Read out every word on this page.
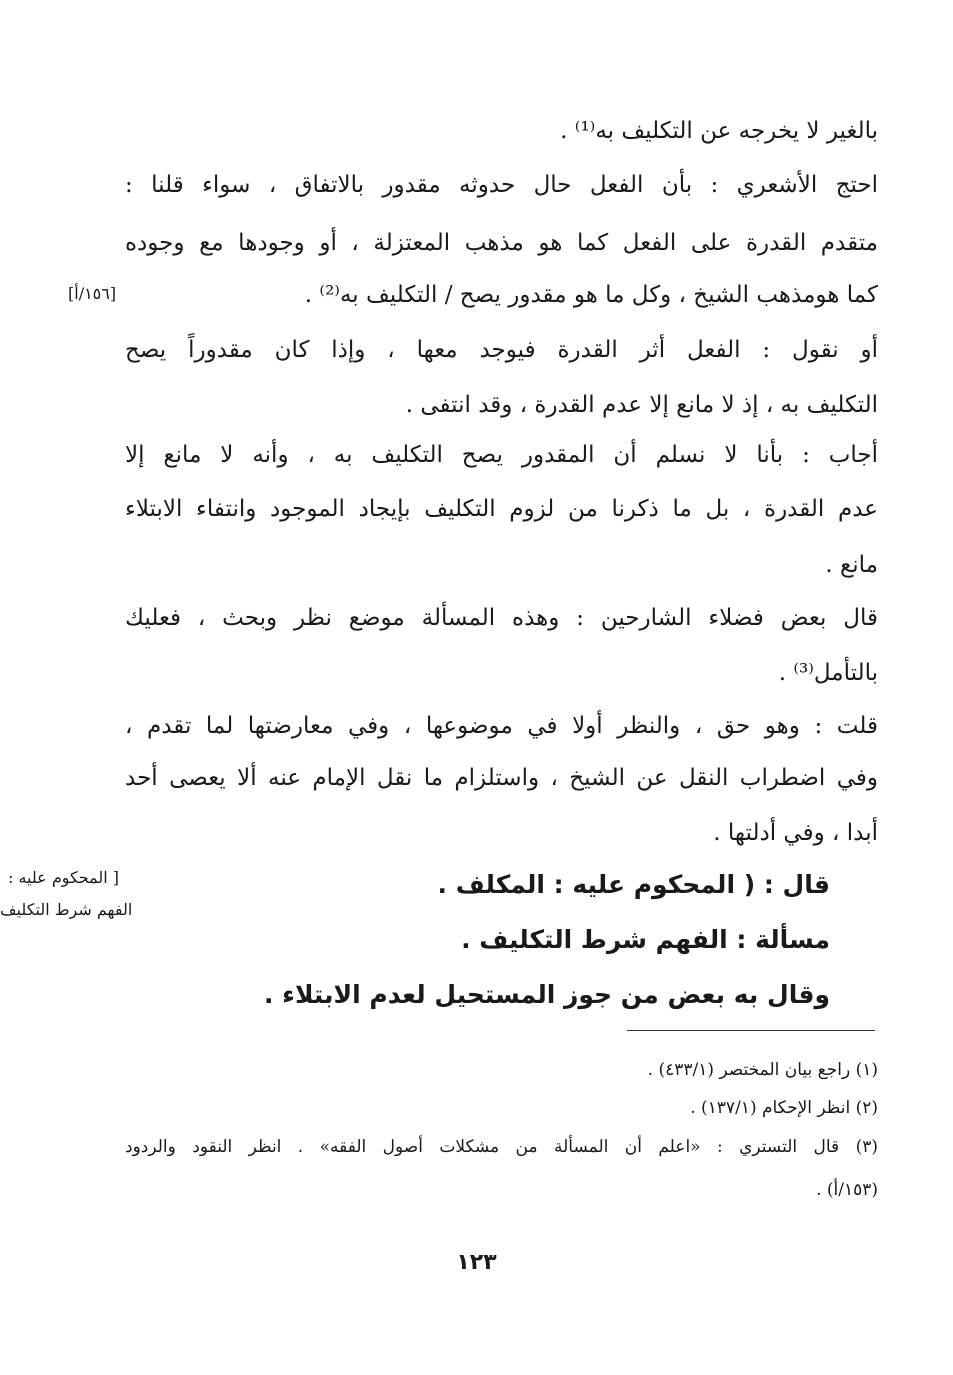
بالغير لا يخرجه عن التكليف به⁽¹⁾ .
احتج الأشعري : بأن الفعل حال حدوثه مقدور بالاتفاق ، سواء قلنا :
متقدم القدرة على الفعل كما هو مذهب المعتزلة ، أو وجودها مع وجوده
كما هومذهب الشيخ ، وكل ما هو مقدور يصح / التكليف به⁽²⁾ .
أو نقول : الفعل أثر القدرة فيوجد معها ، وإذا كان مقدوراً يصح
التكليف به ، إذ لا مانع إلا عدم القدرة ، وقد انتفى .
أجاب : بأنا لا نسلم أن المقدور يصح التكليف به ، وأنه لا مانع إلا
عدم القدرة ، بل ما ذكرنا من لزوم التكليف بإيجاد الموجود وانتفاء الابتلاء
مانع .
قال بعض فضلاء الشارحين : وهذه المسألة موضع نظر وبحث ، فعليك
بالتأمل⁽³⁾ .
قلت : وهو حق ، والنظر أولا في موضوعها ، وفي معارضتها لما تقدم ،
وفي اضطراب النقل عن الشيخ ، واستلزام ما نقل الإمام عنه ألا يعصى أحد
أبدا ، وفي أدلتها .
قال : ( المحكوم عليه : المكلف .
مسألة : الفهم شرط التكليف .
وقال به بعض من جوز المستحيل لعدم الابتلاء .
[١٥٦/أ]
[ المحكوم عليه :
الفهم شرط التكليف
(١) راجع بيان المختصر (٤٣٣/١) .
(٢) انظر الإحكام (١٣٧/١) .
(٣) قال التستري : «اعلم أن المسألة من مشكلات أصول الفقه» . انظر النقود والردود
(١٥٣/أ) .
١٢٣
